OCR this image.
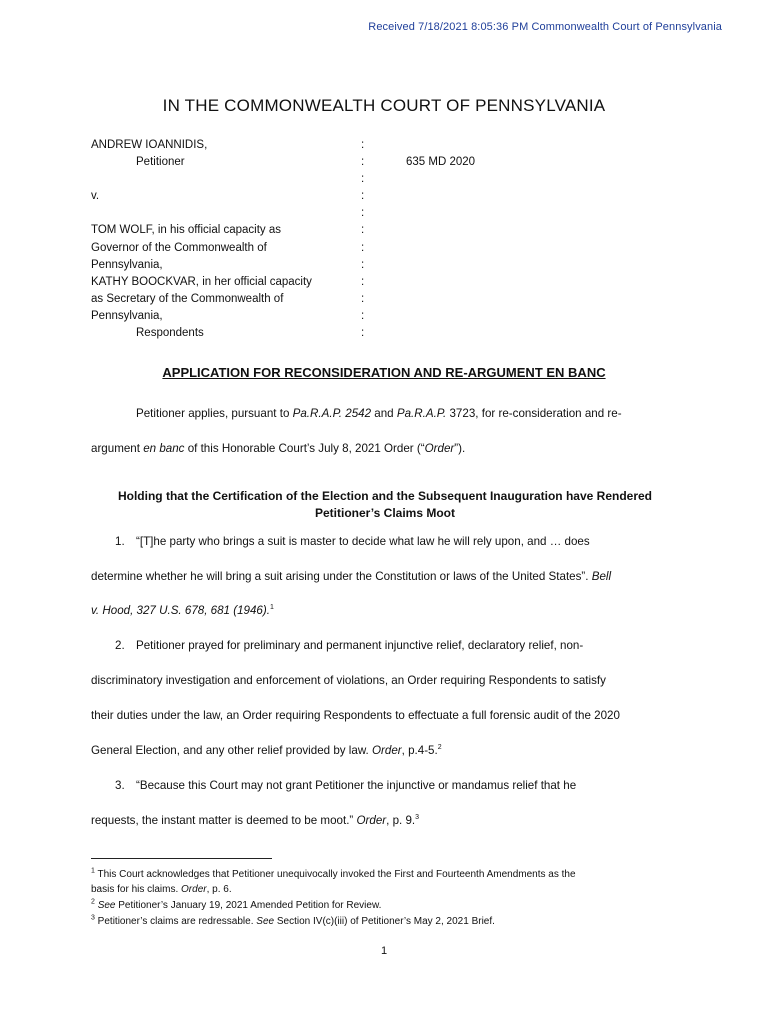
Received 7/18/2021 8:05:36 PM Commonwealth Court of Pennsylvania
IN THE COMMONWEALTH COURT OF PENNSYLVANIA
ANDREW IOANNIDIS,	:
Petitioner	:	635 MD 2020
:
v.	:
:
TOM WOLF, in his official capacity as	:
Governor of the Commonwealth of	:
Pennsylvania,	:
KATHY BOOCKVAR, in her official capacity	:
as Secretary of the Commonwealth of	:
Pennsylvania,	:
Respondents	:
APPLICATION FOR RECONSIDERATION AND RE-ARGUMENT EN BANC
Petitioner applies, pursuant to Pa.R.A.P. 2542 and Pa.R.A.P. 3723, for re-consideration and re-
argument en banc of this Honorable Court’s July 8, 2021 Order (“Order”).
Holding that the Certification of the Election and the Subsequent Inauguration have Rendered
Petitioner’s Claims Moot
1. “[T]he party who brings a suit is master to decide what law he will rely upon, and … does
determine whether he will bring a suit arising under the Constitution or laws of the United States”. Bell
v. Hood, 327 U.S. 678, 681 (1946).$^1$
2. Petitioner prayed for preliminary and permanent injunctive relief, declaratory relief, non-
discriminatory investigation and enforcement of violations, an Order requiring Respondents to satisfy
their duties under the law, an Order requiring Respondents to effectuate a full forensic audit of the 2020
General Election, and any other relief provided by law. Order, p.4-5.$^2$
3. “Because this Court may not grant Petitioner the injunctive or mandamus relief that he
requests, the instant matter is deemed to be moot.” Order, p. 9.$^3$
$^1$ This Court acknowledges that Petitioner unequivocally invoked the First and Fourteenth Amendments as the
basis for his claims. Order, p. 6.
$^2$ See Petitioner’s January 19, 2021 Amended Petition for Review.
$^3$ Petitioner’s claims are redressable. See Section IV(c)(iii) of Petitioner’s May 2, 2021 Brief.
1
